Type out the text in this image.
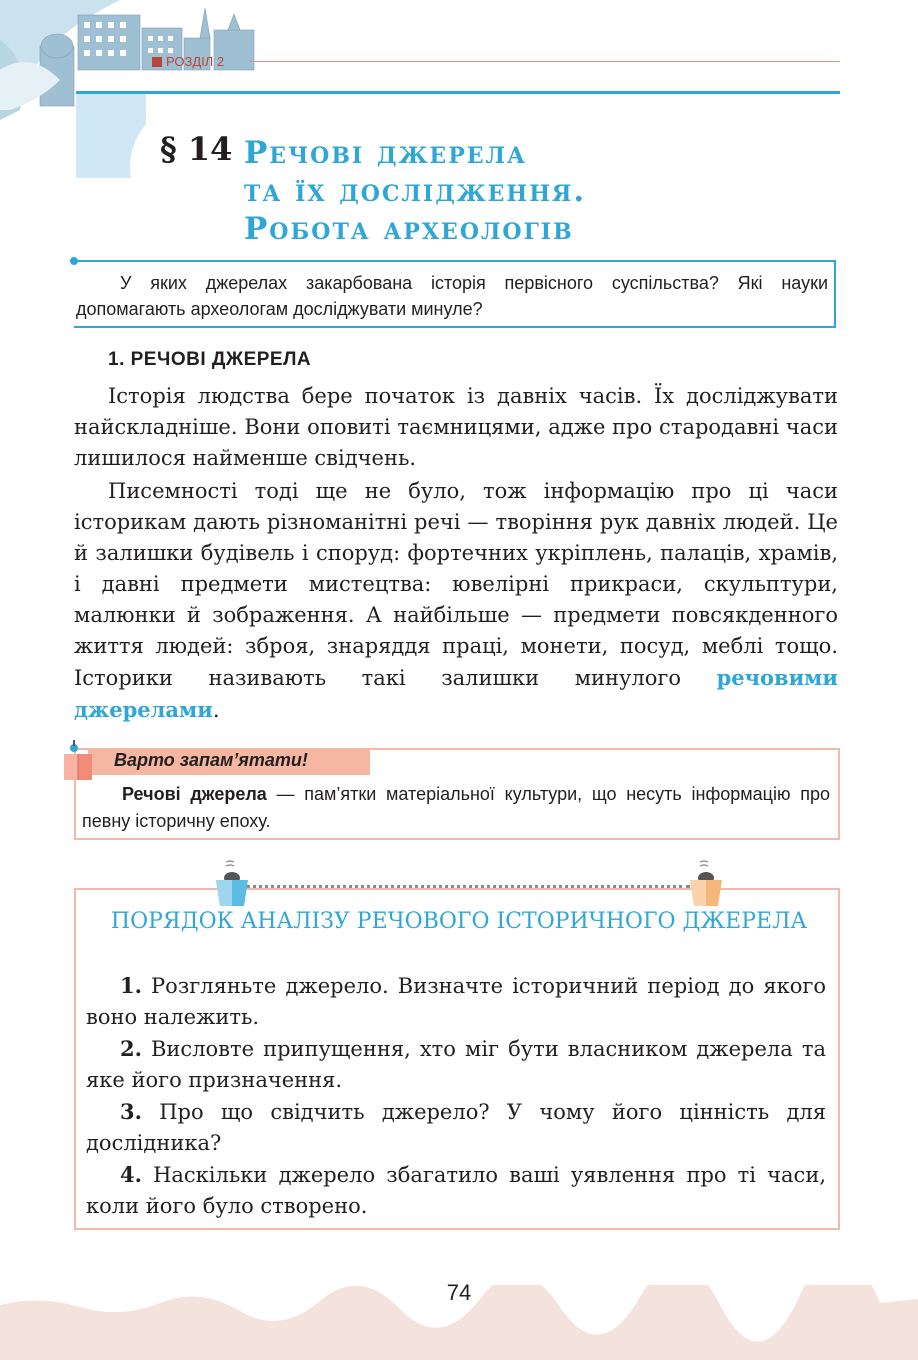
РОЗДІЛ 2
§ 14 Речові джерела
та їх дослідження.
Робота археологів
У яких джерелах закарбована історія первісного суспільства? Які науки допомагають археологам досліджувати минуле?
1. РЕЧОВІ ДЖЕРЕЛА

Історія людства бере початок із давніх часів. Їх досліджувати найскладніше. Вони оповиті таємницями, адже про стародавні часи лишилося найменше свідчень.

Писемності тоді ще не було, тож інформацію про ці часи історикам дають різноманітні речі — творіння рук давніх людей. Це й залишки будівель і споруд: фортечних укріплень, палаців, храмів, і давні предмети мистецтва: ювелірні прикраси, скульптури, малюнки й зображення. А найбільше — предмети повсякденного життя людей: зброя, знаряддя праці, монети, посуд, меблі тощо. Історики називають такі залишки минулого речовими джерелами.

Варто запам’ятати!
Речові джерела — пам’ятки матеріальної культури, що несуть інформацію про певну історичну епоху.
ПОРЯДОК АНАЛІЗУ РЕЧОВОГО ІСТОРИЧНОГО ДЖЕРЕЛА
1. Розгляньте джерело. Визначте історичний період до якого воно належить.
2. Висловте припущення, хто міг бути власником джерела та яке його призначення.
3. Про що свідчить джерело? У чому його цінність для дослідника?
4. Наскільки джерело збагатило ваші уявлення про ті часи, коли його було створено.
74
